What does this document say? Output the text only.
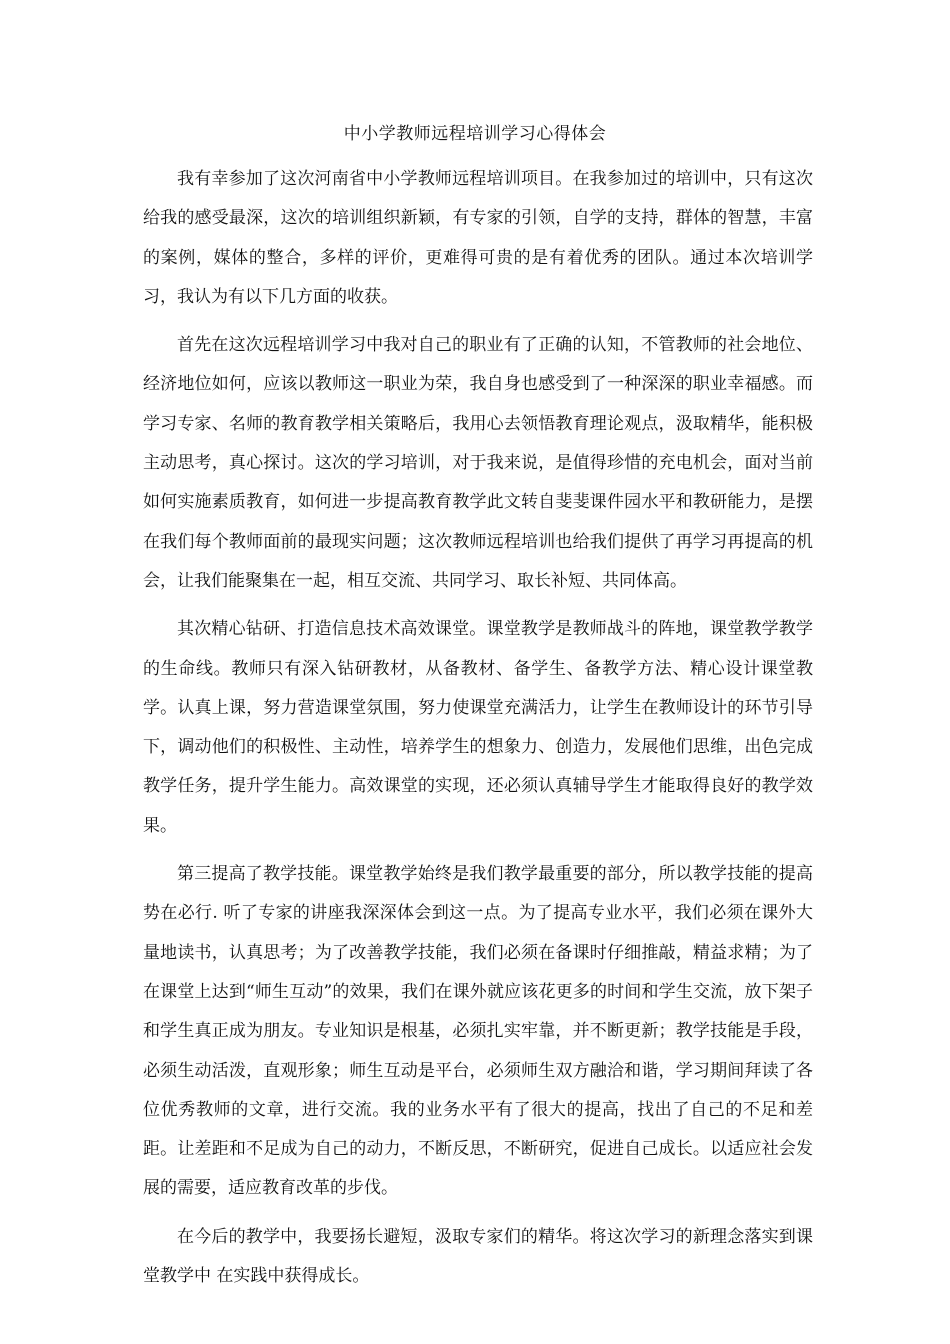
中小学教师远程培训学习心得体会

我有幸参加了这次河南省中小学教师远程培训项目。在我参加过的培训中，只有这次给我的感受最深，这次的培训组织新颖，有专家的引领，自学的支持，群体的智慧，丰富的案例，媒体的整合，多样的评价，更难得可贵的是有着优秀的团队。通过本次培训学习，我认为有以下几方面的收获。

首先在这次远程培训学习中我对自己的职业有了正确的认知，不管教师的社会地位、经济地位如何，应该以教师这一职业为荣，我自身也感受到了一种深深的职业幸福感。而学习专家、名师的教育教学相关策略后，我用心去领悟教育理论观点，汲取精华，能积极主动思考，真心探讨。这次的学习培训，对于我来说，是值得珍惜的充电机会，面对当前如何实施素质教育，如何进一步提高教育教学此文转自斐斐课件园水平和教研能力，是摆在我们每个教师面前的最现实问题；这次教师远程培训也给我们提供了再学习再提高的机会，让我们能聚集在一起，相互交流、共同学习、取长补短、共同体高。

其次精心钻研、打造信息技术高效课堂。课堂教学是教师战斗的阵地，课堂教学教学的生命线。教师只有深入钻研教材，从备教材、备学生、备教学方法、精心设计课堂教学。认真上课，努力营造课堂氛围，努力使课堂充满活力，让学生在教师设计的环节引导下，调动他们的积极性、主动性，培养学生的想象力、创造力，发展他们思维，出色完成教学任务，提升学生能力。高效课堂的实现，还必须认真辅导学生才能取得良好的教学效果。

第三提高了教学技能。课堂教学始终是我们教学最重要的部分，所以教学技能的提高势在必行. 听了专家的讲座我深深体会到这一点。为了提高专业水平，我们必须在课外大量地读书，认真思考；为了改善教学技能，我们必须在备课时仔细推敲，精益求精；为了在课堂上达到“师生互动”的效果，我们在课外就应该花更多的时间和学生交流，放下架子和学生真正成为朋友。专业知识是根基，必须扎实牢靠，并不断更新；教学技能是手段，必须生动活泼，直观形象；师生互动是平台，必须师生双方融洽和谐，学习期间拜读了各位优秀教师的文章，进行交流。我的业务水平有了很大的提高，找出了自己的不足和差距。让差距和不足成为自己的动力，不断反思，不断研究，促进自己成长。以适应社会发展的需要，适应教育改革的步伐。

在今后的教学中，我要扬长避短，汲取专家们的精华。将这次学习的新理念落实到课堂教学中 在实践中获得成长。
